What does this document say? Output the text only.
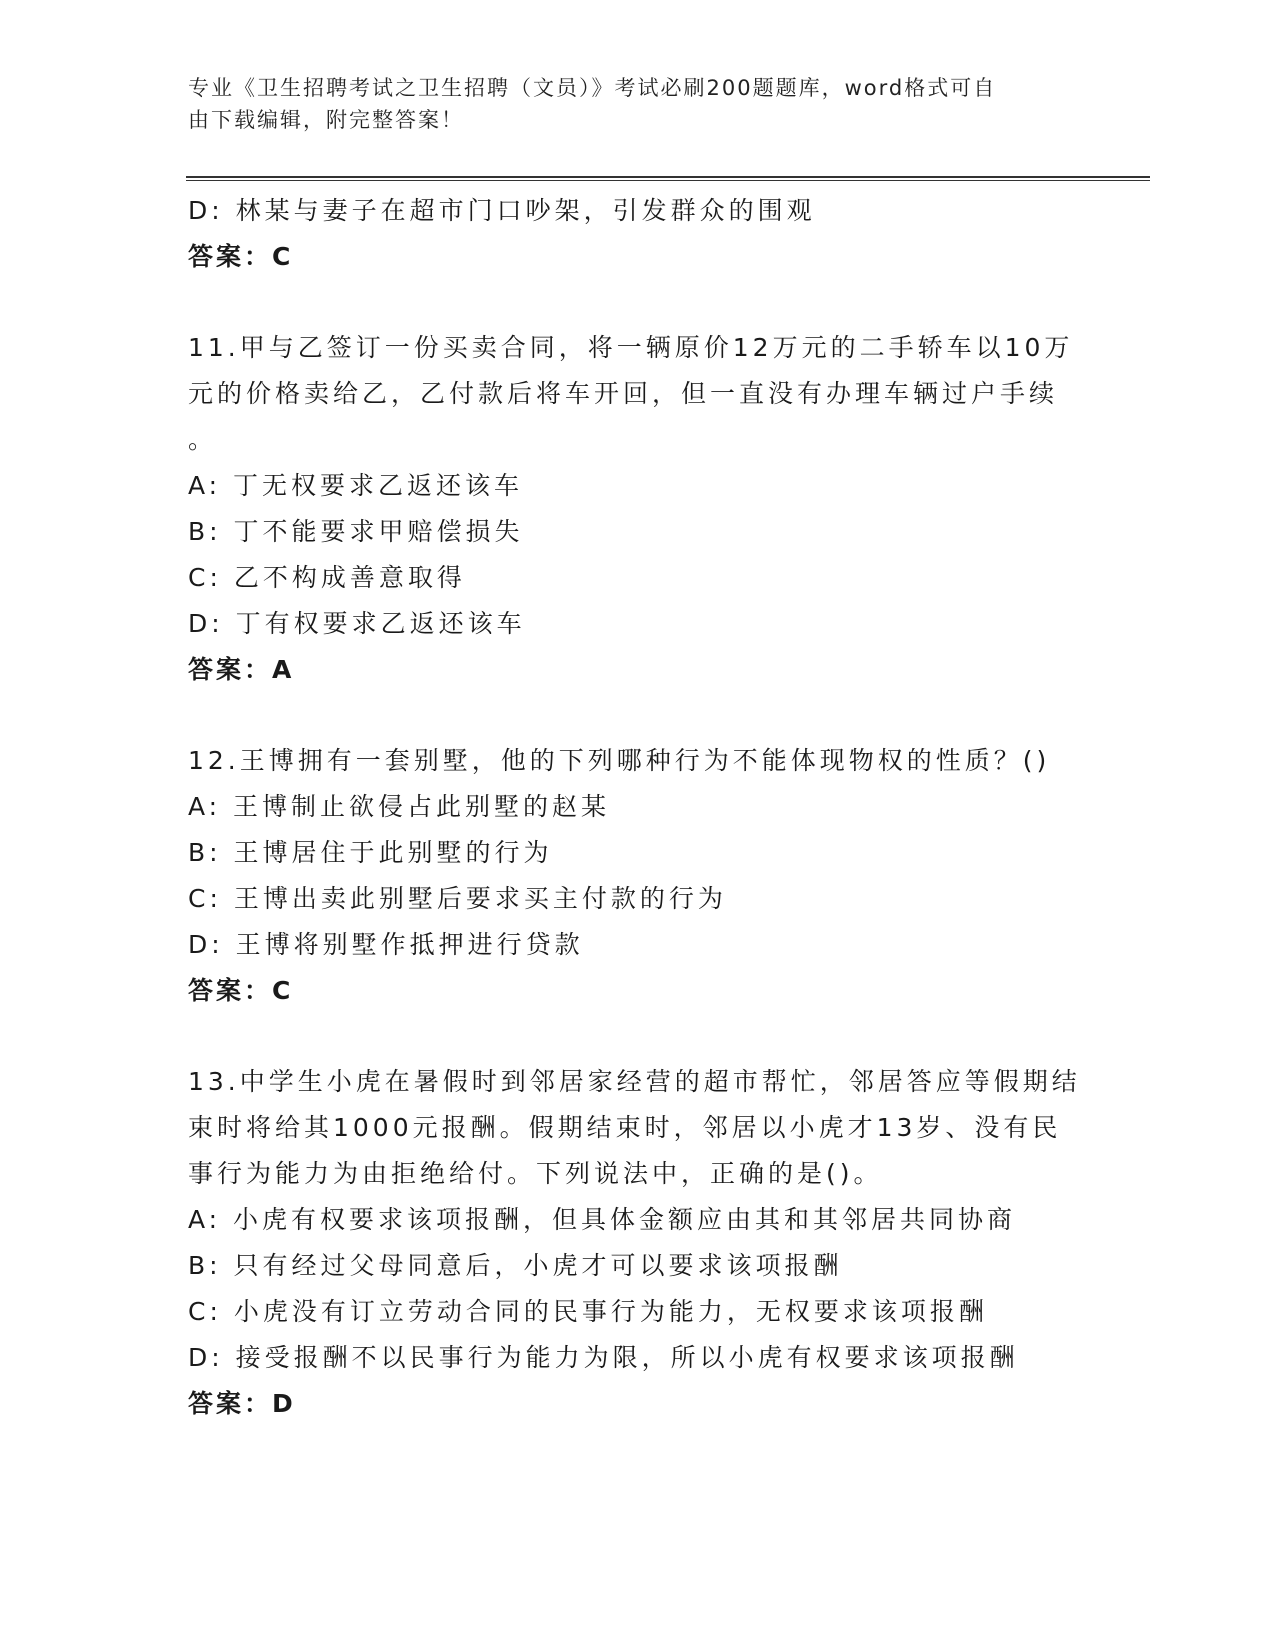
专业《卫生招聘考试之卫生招聘（文员）》考试必刷200题题库，word格式可自
由下载编辑，附完整答案！
D: 林某与妻子在超市门口吵架，引发群众的围观
答案：C
11.甲与乙签订一份买卖合同，将一辆原价12万元的二手轿车以10万
元的价格卖给乙，乙付款后将车开回，但一直没有办理车辆过户手续
。
A: 丁无权要求乙返还该车
B: 丁不能要求甲赔偿损失
C: 乙不构成善意取得
D: 丁有权要求乙返还该车
答案：A
12.王博拥有一套别墅，他的下列哪种行为不能体现物权的性质？()
A: 王博制止欲侵占此别墅的赵某
B: 王博居住于此别墅的行为
C: 王博出卖此别墅后要求买主付款的行为
D: 王博将别墅作抵押进行贷款
答案：C
13.中学生小虎在暑假时到邻居家经营的超市帮忙，邻居答应等假期结
束时将给其1000元报酬。假期结束时，邻居以小虎才13岁、没有民
事行为能力为由拒绝给付。下列说法中，正确的是()。
A: 小虎有权要求该项报酬，但具体金额应由其和其邻居共同协商
B: 只有经过父母同意后，小虎才可以要求该项报酬
C: 小虎没有订立劳动合同的民事行为能力，无权要求该项报酬
D: 接受报酬不以民事行为能力为限，所以小虎有权要求该项报酬
答案：D
